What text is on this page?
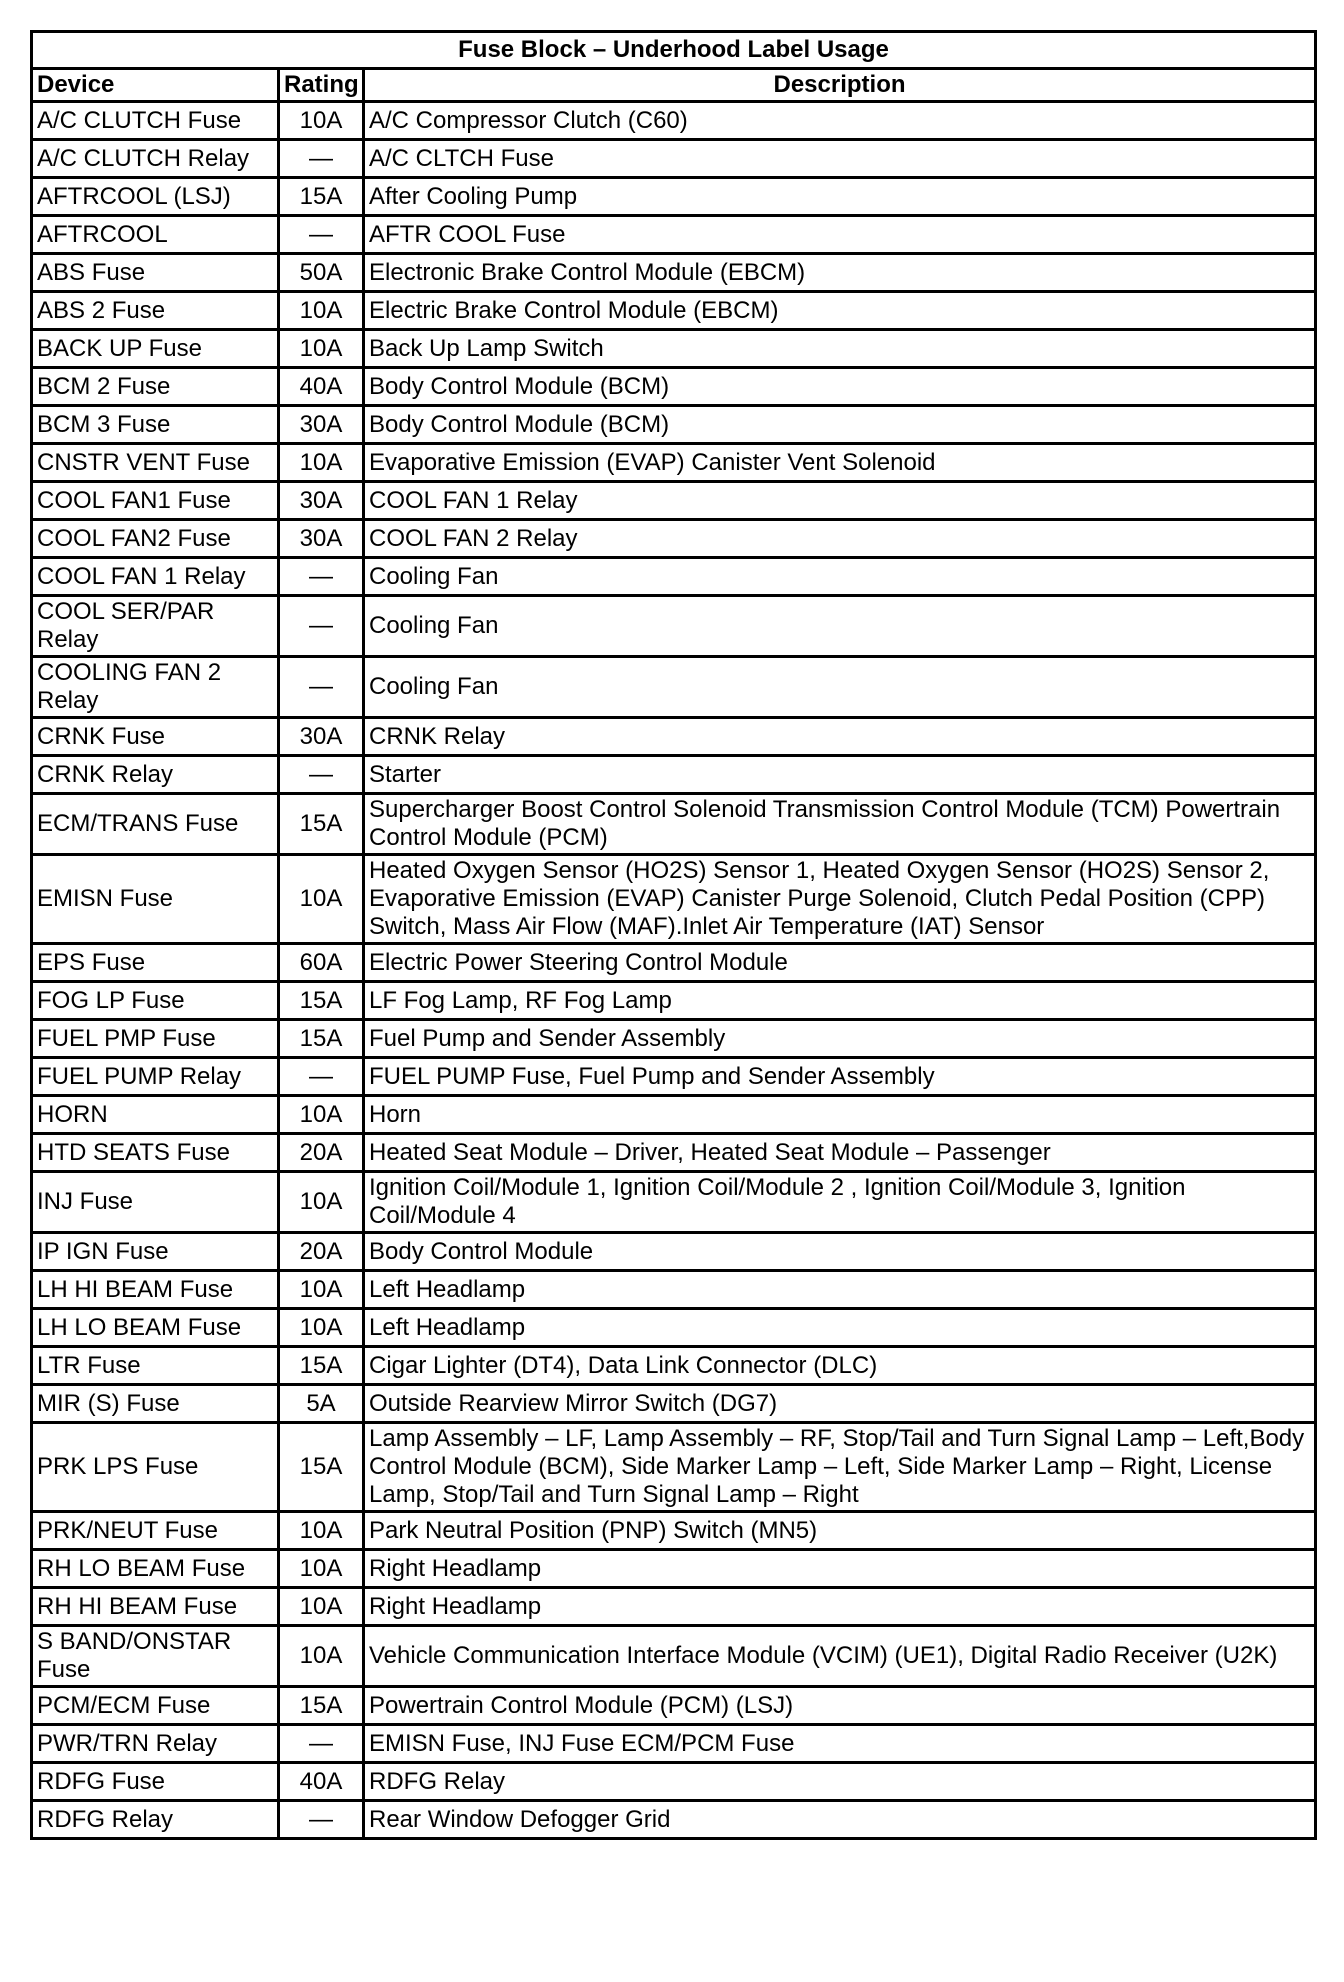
Fuse Block – Underhood Label Usage		
Device	Rating	Description
A/C CLUTCH Fuse	10A	A/C Compressor Clutch (C60)
A/C CLUTCH Relay	—	A/C CLTCH Fuse
AFTRCOOL (LSJ)	15A	After Cooling Pump
AFTRCOOL	—	AFTR COOL Fuse
ABS Fuse	50A	Electronic Brake Control Module (EBCM)
ABS 2 Fuse	10A	Electric Brake Control Module (EBCM)
BACK UP Fuse	10A	Back Up Lamp Switch
BCM 2 Fuse	40A	Body Control Module (BCM)
BCM 3 Fuse	30A	Body Control Module (BCM)
CNSTR VENT Fuse	10A	Evaporative Emission (EVAP) Canister Vent Solenoid
COOL FAN1 Fuse	30A	COOL FAN 1 Relay
COOL FAN2 Fuse	30A	COOL FAN 2 Relay
COOL FAN 1 Relay	—	Cooling Fan
COOL SER/PAR Relay	—	Cooling Fan
COOLING FAN 2 Relay	—	Cooling Fan
CRNK Fuse	30A	CRNK Relay
CRNK Relay	—	Starter
ECM/TRANS Fuse	15A	Supercharger Boost Control Solenoid Transmission Control Module (TCM) Powertrain Control Module (PCM)
EMISN Fuse	10A	Heated Oxygen Sensor (HO2S) Sensor 1, Heated Oxygen Sensor (HO2S) Sensor 2, Evaporative Emission (EVAP) Canister Purge Solenoid, Clutch Pedal Position (CPP) Switch, Mass Air Flow (MAF).Inlet Air Temperature (IAT) Sensor
EPS Fuse	60A	Electric Power Steering Control Module
FOG LP Fuse	15A	LF Fog Lamp, RF Fog Lamp
FUEL PMP Fuse	15A	Fuel Pump and Sender Assembly
FUEL PUMP Relay	—	FUEL PUMP Fuse, Fuel Pump and Sender Assembly
HORN	10A	Horn
HTD SEATS Fuse	20A	Heated Seat Module – Driver, Heated Seat Module – Passenger
INJ Fuse	10A	Ignition Coil/Module 1, Ignition Coil/Module 2 , Ignition Coil/Module 3, Ignition Coil/Module 4
IP IGN Fuse	20A	Body Control Module
LH HI BEAM Fuse	10A	Left Headlamp
LH LO BEAM Fuse	10A	Left Headlamp
LTR Fuse	15A	Cigar Lighter (DT4), Data Link Connector (DLC)
MIR (S) Fuse	5A	Outside Rearview Mirror Switch (DG7)
PRK LPS Fuse	15A	Lamp Assembly – LF, Lamp Assembly – RF, Stop/Tail and Turn Signal Lamp – Left,Body Control Module (BCM), Side Marker Lamp – Left, Side Marker Lamp – Right, License Lamp, Stop/Tail and Turn Signal Lamp – Right
PRK/NEUT Fuse	10A	Park Neutral Position (PNP) Switch (MN5)
RH LO BEAM Fuse	10A	Right Headlamp
RH HI BEAM Fuse	10A	Right Headlamp
S BAND/ONSTAR Fuse	10A	Vehicle Communication Interface Module (VCIM) (UE1), Digital Radio Receiver (U2K)
PCM/ECM Fuse	15A	Powertrain Control Module (PCM) (LSJ)
PWR/TRN Relay	—	EMISN Fuse, INJ Fuse ECM/PCM Fuse
RDFG Fuse	40A	RDFG Relay
RDFG Relay	—	Rear Window Defogger Grid
